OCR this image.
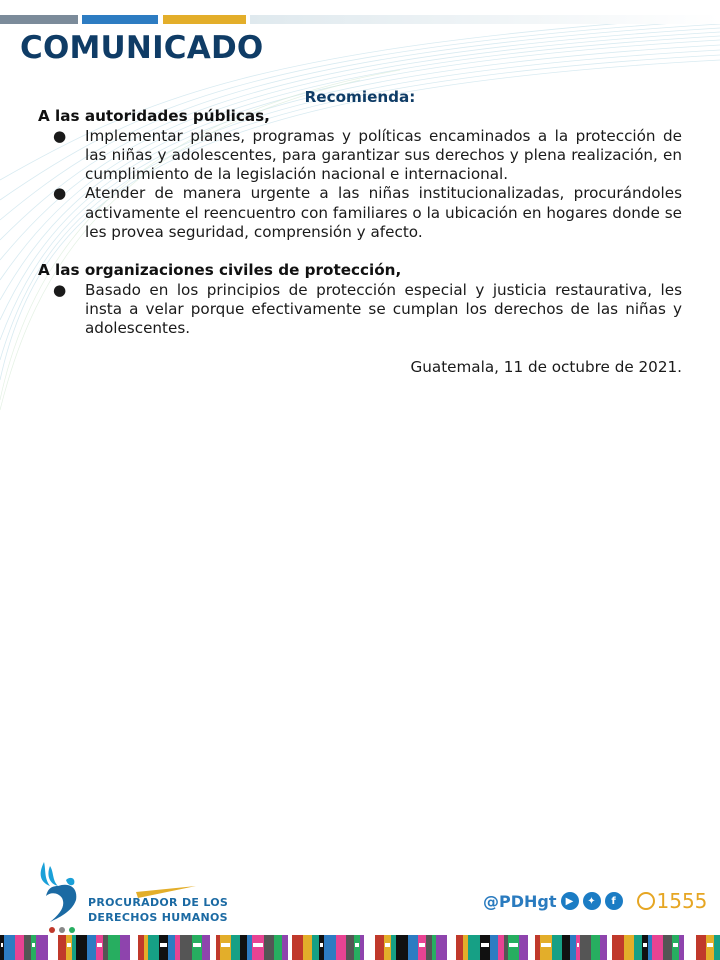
COMUNICADO
Recomienda:
A las autoridades públicas,
● Implementar planes, programas y políticas encaminados a la protección de las niñas y adolescentes, para garantizar sus derechos y plena realización, en cumplimiento de la legislación nacional e internacional.
● Atender de manera urgente a las niñas institucionalizadas, procurándoles activamente el reencuentro con familiares o la ubicación en hogares donde se les provea seguridad, comprensión y afecto.
A las organizaciones civiles de protección,
● Basado en los principios de protección especial y justicia restaurativa, les insta a velar porque efectivamente se cumplan los derechos de las niñas y adolescentes.
Guatemala, 11 de octubre de 2021.
PROCURADOR DE LOS
DERECHOS HUMANOS
@PDHgt ▶	✦	f	1555
